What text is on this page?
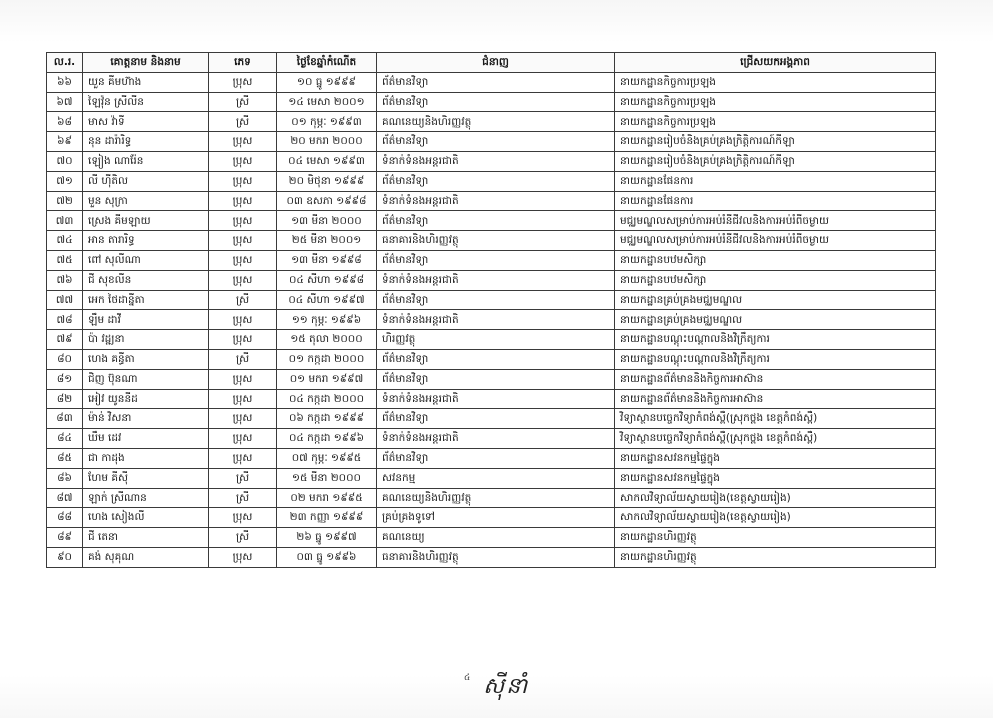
ល.រ.	គោត្តនាម និងនាម	ភេទ	ថ្ងៃខែឆ្នាំកំណើត	ជំនាញ	ជ្រើសយកអង្គភាព
៦៦	យួន គីមហ៊ាង	ប្រុស	១០ ធ្នូ ១៩៩៩	ព័ត៌មានវិទ្យា	នាយកដ្ឋានកិច្ចការប្រឡង
៦៧	ឡៃវ៉ុន ស្រីលីន	ស្រី	១៤ មេសា ២០០១	ព័ត៌មានវិទ្យា	នាយកដ្ឋានកិច្ចការប្រឡង
៦៨	មាស វ៉ាទី	ស្រី	០១ កុម្ភៈ ១៩៩៣	គណនេយ្យនិងហិរញ្ញវត្ថុ	នាយកដ្ឋានកិច្ចការប្រឡង
៦៩	នុន ដារ៉ារិទ្ធ	ប្រុស	២០ មករា ២០០០	ព័ត៌មានវិទ្យា	នាយកដ្ឋានរៀបចំនិងគ្រប់គ្រងក្រិត្តិការណ៍កីឡា
៧០	ឡៀង ណារ៉ែន	ប្រុស	០៤ មេសា ១៩៩៣	ទំនាក់ទំនងអន្តរជាតិ	នាយកដ្ឋានរៀបចំនិងគ្រប់គ្រងក្រិត្តិការណ៍កីឡា
៧១	លី ហ៊ីតិល	ប្រុស	២០ មិថុនា ១៩៩៩	ព័ត៌មានវិទ្យា	នាយកដ្ឋានផែនការ
៧២	មួន សុក្រា	ប្រុស	០៣ ឧសភា ១៩៩៨	ទំនាក់ទំនងអន្តរជាតិ	នាយកដ្ឋានផែនការ
៧៣	ស្រេង គីមឡាយ	ប្រុស	១៣ មីនា ២០០០	ព័ត៌មានវិទ្យា	មជ្ឈមណ្ឌលសម្រាប់ការអប់រំនីជីវលនិងការអប់រំពីចម្ងាយ
៧៤	អាន តារារិទ្ធ	ប្រុស	២៥ មីនា ២០០១	ធនាគារនិងហិរញ្ញវត្ថុ	មជ្ឈមណ្ឌលសម្រាប់ការអប់រំនីជីវលនិងការអប់រំពីចម្ងាយ
៧៥	ពៅ សុលីណា	ប្រុស	១៣ មីនា ១៩៩៨	ព័ត៌មានវិទ្យា	នាយកដ្ឋានបឋមសិក្សា
៧៦	ជី សុខលីន	ប្រុស	០៤ សីហា ១៩៩៨	ទំនាក់ទំនងអន្តរជាតិ	នាយកដ្ឋានបឋមសិក្សា
៧៧	អេក ថៃដាន្នីតា	ស្រី	០៤ សីហា ១៩៩៧	ព័ត៌មានវិទ្យា	នាយកដ្ឋានគ្រប់គ្រងមជ្ឈមណ្ឌល
៧៨	ឡឹម ដាវី	ប្រុស	១១ កុម្ភៈ ១៩៩៦	ទំនាក់ទំនងអន្តរជាតិ	នាយកដ្ឋានគ្រប់គ្រងមជ្ឈមណ្ឌល
៧៩	ប៉ា វដ្ឍនា	ប្រុស	១៥ តុលា ២០០០	ហិរញ្ញវត្ថុ	នាយកដ្ឋានបណ្តុះបណ្តាលនិងវិក្រឹត្យការ
៨០	ហេង គន្ធីតា	ស្រី	០១ កក្កដា ២០០០	ព័ត៌មានវិទ្យា	នាយកដ្ឋានបណ្តុះបណ្តាលនិងវិក្រឹត្យការ
៨១	ជិញ ប៊ុនណា	ប្រុស	០១ មករា ១៩៩៧	ព័ត៌មានវិទ្យា	នាយកដ្ឋានព័ត៌មាននិងកិច្ចការអាស៊ាន
៨២	អៀវ យូននីដ	ប្រុស	០៤ កក្កដា ២០០០	ទំនាក់ទំនងអន្តរជាតិ	នាយកដ្ឋានព័ត៌មាននិងកិច្ចការអាស៊ាន
៨៣	ម៉ាន់ វិសនា	ប្រុស	០៦ កក្កដា ១៩៩៩	ព័ត៌មានវិទ្យា	វិទ្យាស្ថានបច្ចេកវិទ្យាកំពង់ស្ពឺ(ស្រុកថ្ពង ខេត្តកំពង់ស្ពឺ)
៨៤	ឃឹម ដេវ	ប្រុស	០៤ កក្កដា ១៩៩៦	ទំនាក់ទំនងអន្តរជាតិ	វិទ្យាស្ថានបច្ចេកវិទ្យាកំពង់ស្ពឺ(ស្រុកថ្ពង ខេត្តកំពង់ស្ពឺ)
៨៥	ជា កាដុង	ប្រុស	០៧ កុម្ភៈ ១៩៩៥	ព័ត៌មានវិទ្យា	នាយកដ្ឋានសវនកម្មផ្ទៃក្នុង
៨៦	ហែម គីស៊ី	ស្រី	១៥ មីនា ២០០០	សវនកម្ម	នាយកដ្ឋានសវនកម្មផ្ទៃក្នុង
៨៧	ឡាក់ ស្រីណាន	ស្រី	០២ មករា ១៩៩៥	គណនេយ្យនិងហិរញ្ញវត្ថុ	សាកលវិទ្យាល័យស្វាយរៀង(ខេត្តស្វាយរៀង)
៨៨	ហេង សៀងលី	ប្រុស	២៣ កញ្ញា ១៩៩៩	គ្រប់គ្រងទូទៅ	សាកលវិទ្យាល័យស្វាយរៀង(ខេត្តស្វាយរៀង)
៨៩	ជី តេនា	ស្រី	២៦ ធ្នូ ១៩៩៧	គណនេយ្យ	នាយកដ្ឋានហិរញ្ញវត្ថុ
៩០	គង់ សុគុណ	ប្រុស	០៣ ធ្នូ ១៩៩៦	ធនាគារនិងហិរញ្ញវត្ថុ	នាយកដ្ឋានហិរញ្ញវត្ថុ
$^៤$ ស៊ីនាំ
